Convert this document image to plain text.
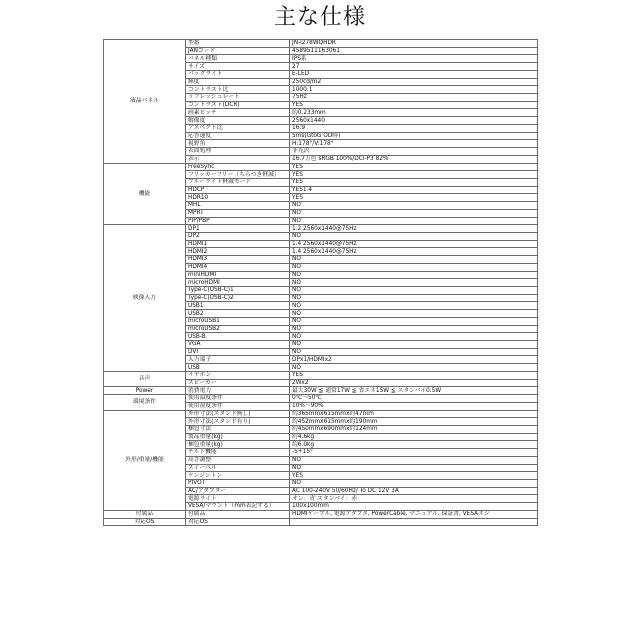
主な仕様
液晶パネル	型番	JN-i278WQHDR
	JANコード	4589511163061
	パネル種類	IPS系
	サイズ	27
	バックライト	E-LED
	輝度	250cd/m2
	コントラスト比	1000:1
	リフレッシュレート	75Hz
	コントラスト(DCR)	YES
	画素ピッチ	約0.233mm
	解像度	2560x1440
	アスペクト比	16:9
	応答速度	5ms(GtoG OD時)
	視野角	H:178°/V:178°
	表面処理	非光沢
	表示	16.7万色 sRGB 100%/DCI-P3 82%
機能	FreeSync	YES
	フリッカーフリー（ちらつき軽減）	YES
	ブルーライト軽減モード	YES
	HDCP	YES1.4
	HDR10	YES
	MHL	NO
	MPRT	NO
	PIP/PBP	NO
映像入力	DP1	1.2 2560x1440@75Hz
	DP2	NO
	HDMI1	1.4 2560x1440@75Hz
	HDMI2	1.4 2560x1440@75Hz
	HDMI3	NO
	HDMI4	NO
	miniHDMI	NO
	microHDMI	NO
	Type-C(USB-C)1	NO
	Type-C(USB-C)2	NO
	USB1	NO
	USB2	NO
	microUSB1	NO
	microUSB2	NO
	USB-B	NO
	VGA	NO
	DVI	NO
	入力端子	DPx1/HDMIx2
	USB	NO
音声	イヤホン	YES
	スピーカー	2Wx2
Power	消費電力	最大30W ≦ 通常17W ≦ 省エネ15W ≦ スタンバイ0.5W
環境条件	使用温度条件	0℃〜50℃
	使用湿度条件	10%〜90%
外形/重量/機能	外形寸法(スタンド無し)	約365mmx615mmx約47mm
	外形寸法(スタンド有り)	約452mmx615mmx約190mm
	梱包寸法	約450mmx690mmx約124mm
	製品重量(kg)	約4.6kg
	梱包重量(kg)	約6.0kg
	チルト機能	-5+15°
	高さ調整	NO
	スイーベル	NO
	ケンジントン	YES
	PIVOT	NO
	AC/アダプター	AC 100-240V 50/60Hz/ To DC 12V 3A
	電源ライト	オン：青 スタンバイ：赤
	VESA/マウント（mm表記する）	100x100mm
付属品	付属品	HDMIケーブル, 電源アダプタ, PowerCable, マニュアル, 保証書, VESAネジ
対応OS	対応OS	
